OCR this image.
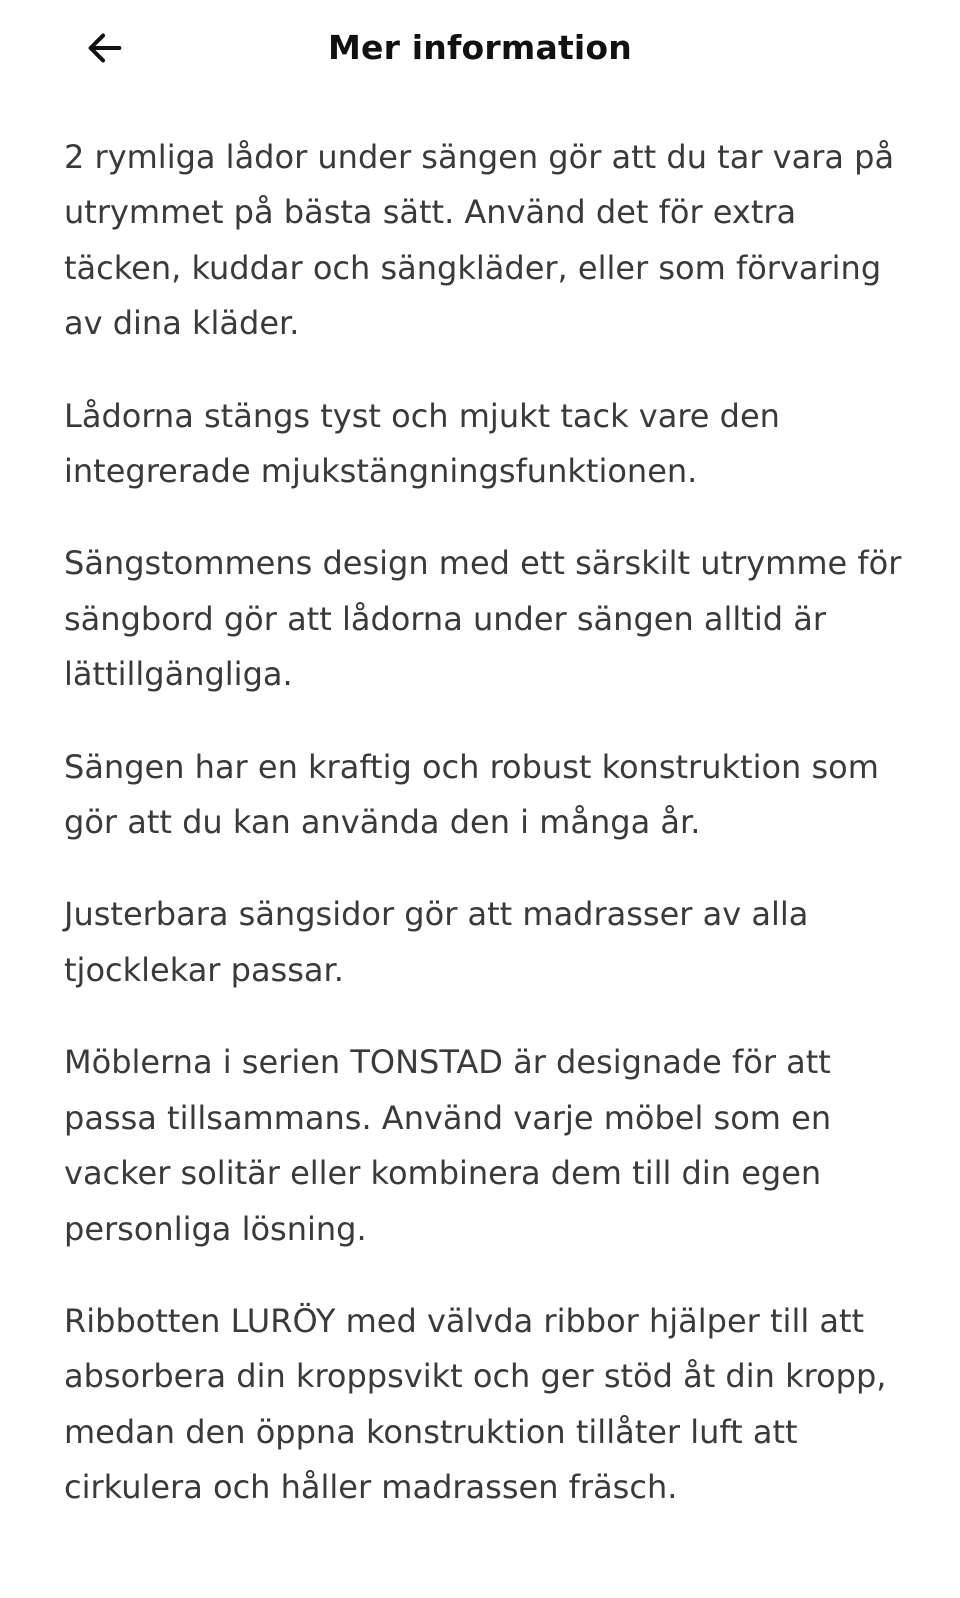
Mer information

2 rymliga lådor under sängen gör att du tar vara på utrymmet på bästa sätt. Använd det för extra täcken, kuddar och sängkläder, eller som förvaring av dina kläder.

Lådorna stängs tyst och mjukt tack vare den integrerade mjukstängningsfunktionen.

Sängstommens design med ett särskilt utrymme för sängbord gör att lådorna under sängen alltid är lättillgängliga.

Sängen har en kraftig och robust konstruktion som gör att du kan använda den i många år.

Justerbara sängsidor gör att madrasser av alla tjocklekar passar.

Möblerna i serien TONSTAD är designade för att passa tillsammans. Använd varje möbel som en vacker solitär eller kombinera dem till din egen personliga lösning.

Ribbotten LURÖY med välvda ribbor hjälper till att absorbera din kroppsvikt och ger stöd åt din kropp, medan den öppna konstruktion tillåter luft att cirkulera och håller madrassen fräsch.
